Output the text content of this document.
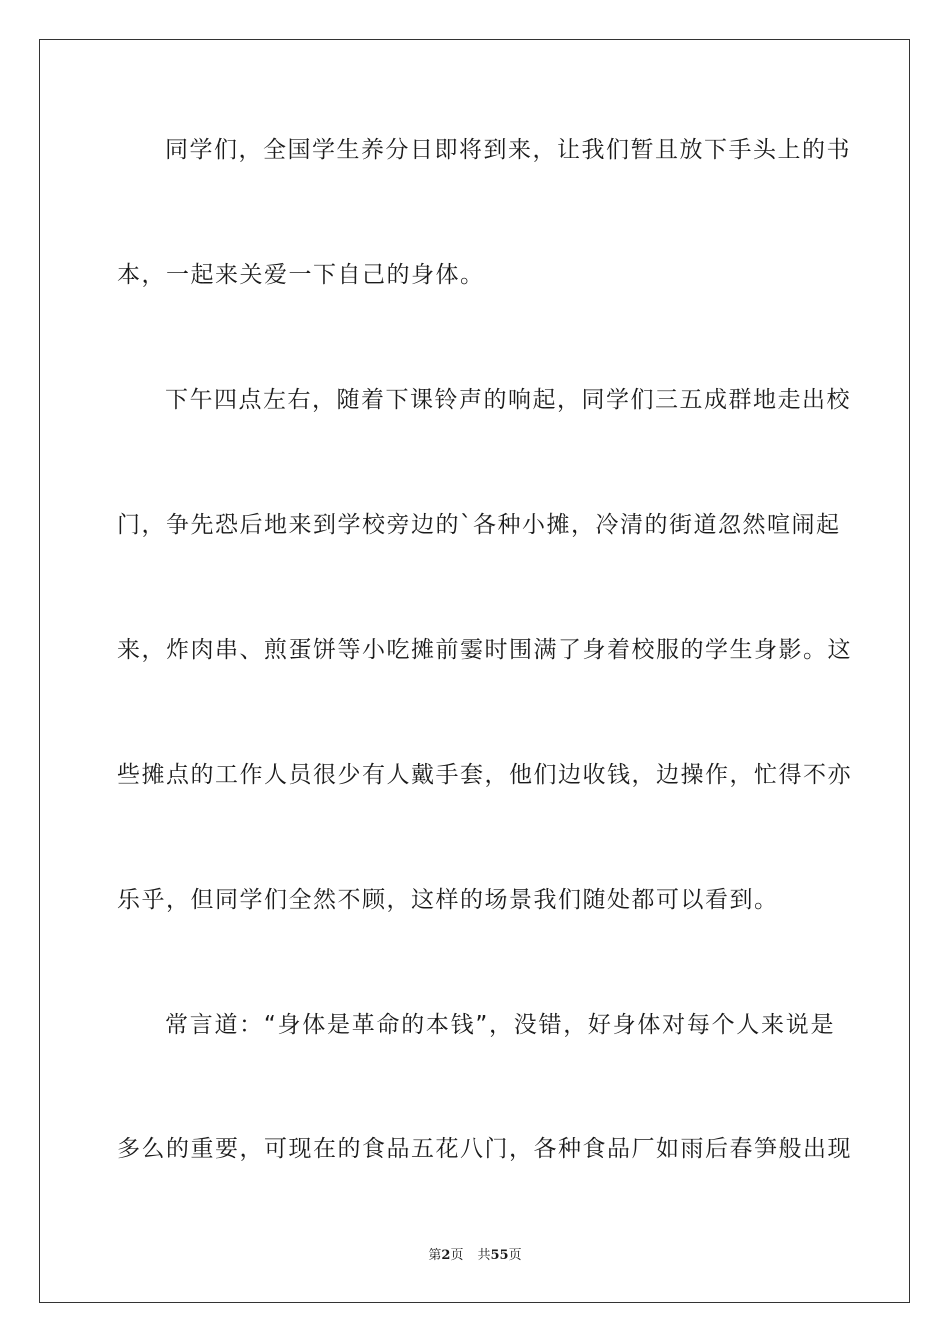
同学们，全国学生养分日即将到来，让我们暂且放下手头上的书
本，一起来关爱一下自己的身体。
下午四点左右，随着下课铃声的响起，同学们三五成群地走出校
门，争先恐后地来到学校旁边的`各种小摊，冷清的街道忽然喧闹起
来，炸肉串、煎蛋饼等小吃摊前霎时围满了身着校服的学生身影。这
些摊点的工作人员很少有人戴手套，他们边收钱，边操作，忙得不亦
乐乎，但同学们全然不顾，这样的场景我们随处都可以看到。
常言道：“身体是革命的本钱”，没错，好身体对每个人来说是
多么的重要，可现在的食品五花八门，各种食品厂如雨后春笋般出现
第2页 共55页
